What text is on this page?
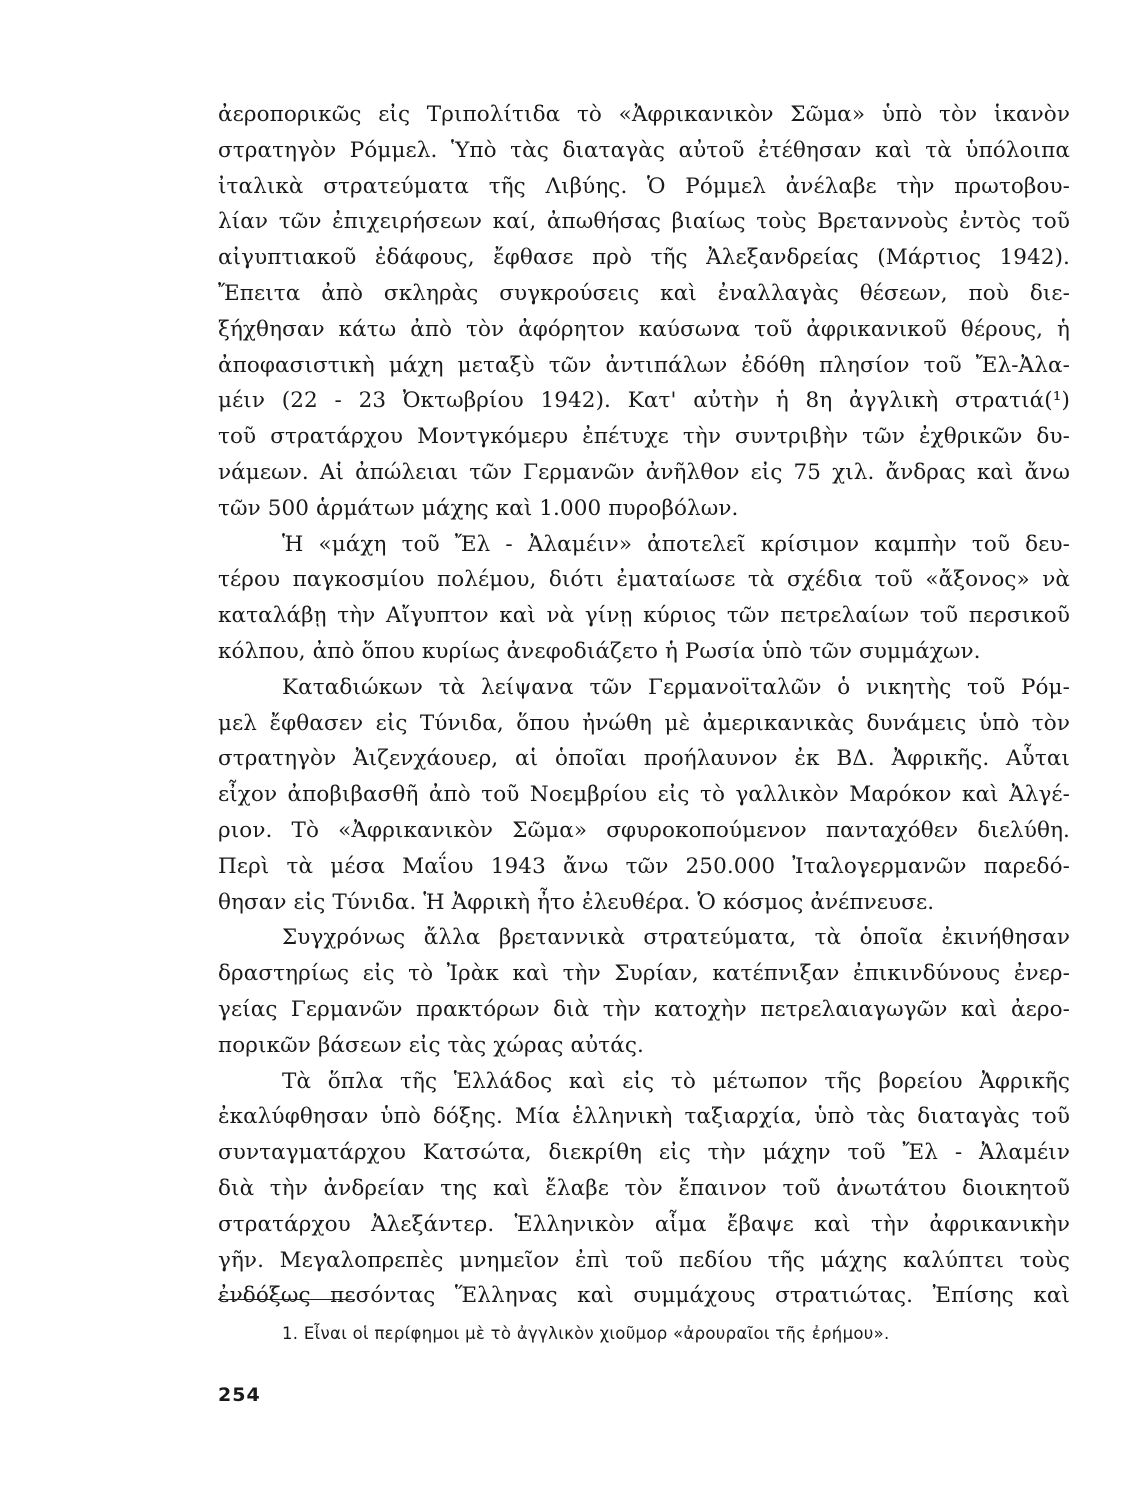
ἀεροπορικῶς εἰς Τριπολίτιδα τὸ «Ἀφρικανικὸν Σῶμα» ὑπὸ τὸν ἱκανὸν
στρατηγὸν Ρόμμελ. Ὑπὸ τὰς διαταγὰς αὐτοῦ ἐτέθησαν καὶ τὰ ὑπόλοιπα
ἰταλικὰ στρατεύματα τῆς Λιβύης. Ὁ Ρόμμελ ἀνέλαβε τὴν πρωτοβου-
λίαν τῶν ἐπιχειρήσεων καί, ἀπωθήσας βιαίως τοὺς Βρεταννοὺς ἐντὸς τοῦ
αἰγυπτιακοῦ ἐδάφους, ἔφθασε πρὸ τῆς Ἀλεξανδρείας (Μάρτιος 1942).
Ἔπειτα ἀπὸ σκληρὰς συγκρούσεις καὶ ἐναλλαγὰς θέσεων, ποὺ διε-
ξήχθησαν κάτω ἀπὸ τὸν ἀφόρητον καύσωνα τοῦ ἀφρικανικοῦ θέρους, ἡ
ἀποφασιστικὴ μάχη μεταξὺ τῶν ἀντιπάλων ἐδόθη πλησίον τοῦ Ἔλ-Ἀλα-
μέιν (22 - 23 Ὀκτωβρίου 1942). Κατ' αὐτὴν ἡ 8η ἀγγλικὴ στρατιά(¹)
τοῦ στρατάρχου Μοντγκόμερυ ἐπέτυχε τὴν συντριβὴν τῶν ἐχθρικῶν δυ-
νάμεων. Αἱ ἀπώλειαι τῶν Γερμανῶν ἀνῆλθον εἰς 75 χιλ. ἄνδρας καὶ ἄνω
τῶν 500 ἁρμάτων μάχης καὶ 1.000 πυροβόλων.
Ἡ «μάχη τοῦ Ἔλ - Ἀλαμέιν» ἀποτελεῖ κρίσιμον καμπὴν τοῦ δευ-
τέρου παγκοσμίου πολέμου, διότι ἐματαίωσε τὰ σχέδια τοῦ «ἄξονος» νὰ
καταλάβῃ τὴν Αἴγυπτον καὶ νὰ γίνῃ κύριος τῶν πετρελαίων τοῦ περσικοῦ
κόλπου, ἀπὸ ὅπου κυρίως ἀνεφοδιάζετο ἡ Ρωσία ὑπὸ τῶν συμμάχων.
Καταδιώκων τὰ λείψανα τῶν Γερμανοϊταλῶν ὁ νικητὴς τοῦ Ρόμ-
μελ ἔφθασεν εἰς Τύνιδα, ὅπου ἠνώθη μὲ ἀμερικανικὰς δυνάμεις ὑπὸ τὸν
στρατηγὸν Ἀιζενχάουερ, αἱ ὁποῖαι προήλαυνον ἐκ ΒΔ. Ἀφρικῆς. Αὗται
εἶχον ἀποβιβασθῆ ἀπὸ τοῦ Νοεμβρίου εἰς τὸ γαλλικὸν Μαρόκον καὶ Ἀλγέ-
ριον. Τὸ «Ἀφρικανικὸν Σῶμα» σφυροκοπούμενον πανταχόθεν διελύθη.
Περὶ τὰ μέσα Μαΐου 1943 ἄνω τῶν 250.000 Ἰταλογερμανῶν παρεδό-
θησαν εἰς Τύνιδα. Ἡ Ἀφρικὴ ἦτο ἐλευθέρα. Ὁ κόσμος ἀνέπνευσε.
Συγχρόνως ἄλλα βρεταννικὰ στρατεύματα, τὰ ὁποῖα ἐκινήθησαν
δραστηρίως εἰς τὸ Ἰρὰκ καὶ τὴν Συρίαν, κατέπνιξαν ἐπικινδύνους ἐνερ-
γείας Γερμανῶν πρακτόρων διὰ τὴν κατοχὴν πετρελαιαγωγῶν καὶ ἀερο-
πορικῶν βάσεων εἰς τὰς χώρας αὐτάς.
Τὰ ὅπλα τῆς Ἑλλάδος καὶ εἰς τὸ μέτωπον τῆς βορείου Ἀφρικῆς
ἐκαλύφθησαν ὑπὸ δόξης. Μία ἑλληνικὴ ταξιαρχία, ὑπὸ τὰς διαταγὰς τοῦ
συνταγματάρχου Κατσώτα, διεκρίθη εἰς τὴν μάχην τοῦ Ἔλ - Ἀλαμέιν
διὰ τὴν ἀνδρείαν της καὶ ἔλαβε τὸν ἔπαινον τοῦ ἀνωτάτου διοικητοῦ
στρατάρχου Ἀλεξάντερ. Ἑλληνικὸν αἷμα ἔβαψε καὶ τὴν ἀφρικανικὴν
γῆν. Μεγαλοπρεπὲς μνημεῖον ἐπὶ τοῦ πεδίου τῆς μάχης καλύπτει τοὺς
ἐνδόξως πεσόντας Ἕλληνας καὶ συμμάχους στρατιώτας. Ἐπίσης καὶ
1. Εἶναι οἱ περίφημοι μὲ τὸ ἀγγλικὸν χιοῦμορ «ἀρουραῖοι τῆς ἐρήμου».
254
